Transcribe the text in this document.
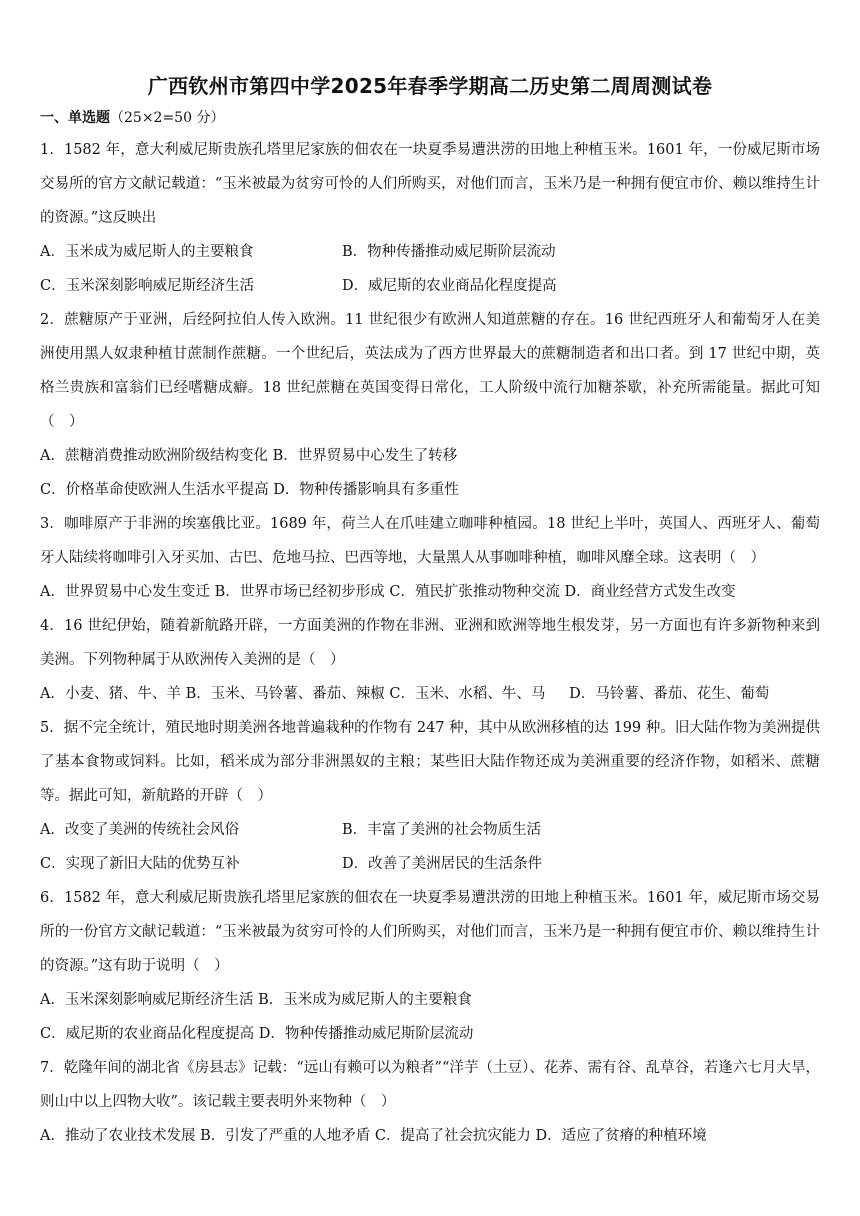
广西钦州市第四中学2025年春季学期高二历史第二周周测试卷
一、单选题（25×2=50 分）

1．1582 年，意大利威尼斯贵族孔塔里尼家族的佃农在一块夏季易遭洪涝的田地上种植玉米。1601 年，一份威尼斯市场交易所的官方文献记载道：“玉米被最为贫穷可怜的人们所购买，对他们而言，玉米乃是一种拥有便宜市价、赖以维持生计的资源。”这反映出

A．玉米成为威尼斯人的主要粮食	B．物种传播推动威尼斯阶层流动
C．玉米深刻影响威尼斯经济生活	D．威尼斯的农业商品化程度提高

2．蔗糖原产于亚洲，后经阿拉伯人传入欧洲。11 世纪很少有欧洲人知道蔗糖的存在。16 世纪西班牙人和葡萄牙人在美洲使用黑人奴隶种植甘蔗制作蔗糖。一个世纪后，英法成为了西方世界最大的蔗糖制造者和出口者。到 17 世纪中期，英格兰贵族和富翁们已经嗜糖成癖。18 世纪蔗糖在英国变得日常化，工人阶级中流行加糖茶歇，补充所需能量。据此可知（　）

A．蔗糖消费推动欧洲阶级结构变化 B．世界贸易中心发生了转移
C．价格革命使欧洲人生活水平提高 D．物种传播影响具有多重性

3．咖啡原产于非洲的埃塞俄比亚。1689 年，荷兰人在爪哇建立咖啡种植园。18 世纪上半叶，英国人、西班牙人、葡萄牙人陆续将咖啡引入牙买加、古巴、危地马拉、巴西等地，大量黑人从事咖啡种植，咖啡风靡全球。这表明（　）

A．世界贸易中心发生变迁 B．世界市场已经初步形成 C．殖民扩张推动物种交流 D．商业经营方式发生改变

4．16 世纪伊始，随着新航路开辟，一方面美洲的作物在非洲、亚洲和欧洲等地生根发芽，另一方面也有许多新物种来到美洲。下列物种属于从欧洲传入美洲的是（　）

A．小麦、猪、牛、羊 B．玉米、马铃薯、番茄、辣椒 C．玉米、水稻、牛、马 　 D．马铃薯、番茄、花生、葡萄

5．据不完全统计，殖民地时期美洲各地普遍栽种的作物有 247 种，其中从欧洲移植的达 199 种。旧大陆作物为美洲提供了基本食物或饲料。比如，稻米成为部分非洲黑奴的主粮；某些旧大陆作物还成为美洲重要的经济作物，如稻米、蔗糖等。据此可知，新航路的开辟（　）

A．改变了美洲的传统社会风俗	B．丰富了美洲的社会物质生活
C．实现了新旧大陆的优势互补	D．改善了美洲居民的生活条件

6．1582 年，意大利威尼斯贵族孔塔里尼家族的佃农在一块夏季易遭洪涝的田地上种植玉米。1601 年，威尼斯市场交易所的一份官方文献记载道：“玉米被最为贫穷可怜的人们所购买，对他们而言，玉米乃是一种拥有便宜市价、赖以维持生计的资源。”这有助于说明（　）

A．玉米深刻影响威尼斯经济生活 B．玉米成为威尼斯人的主要粮食
C．威尼斯的农业商品化程度提高 D．物种传播推动威尼斯阶层流动

7．乾隆年间的湖北省《房县志》记载：“远山有赖可以为粮者”“洋芋（土豆）、花荞、需有谷、乱草谷，若逢六七月大旱，则山中以上四物大收”。该记载主要表明外来物种（　）

A．推动了农业技术发展 B．引发了严重的人地矛盾 C．提高了社会抗灾能力 D．适应了贫瘠的种植环境
